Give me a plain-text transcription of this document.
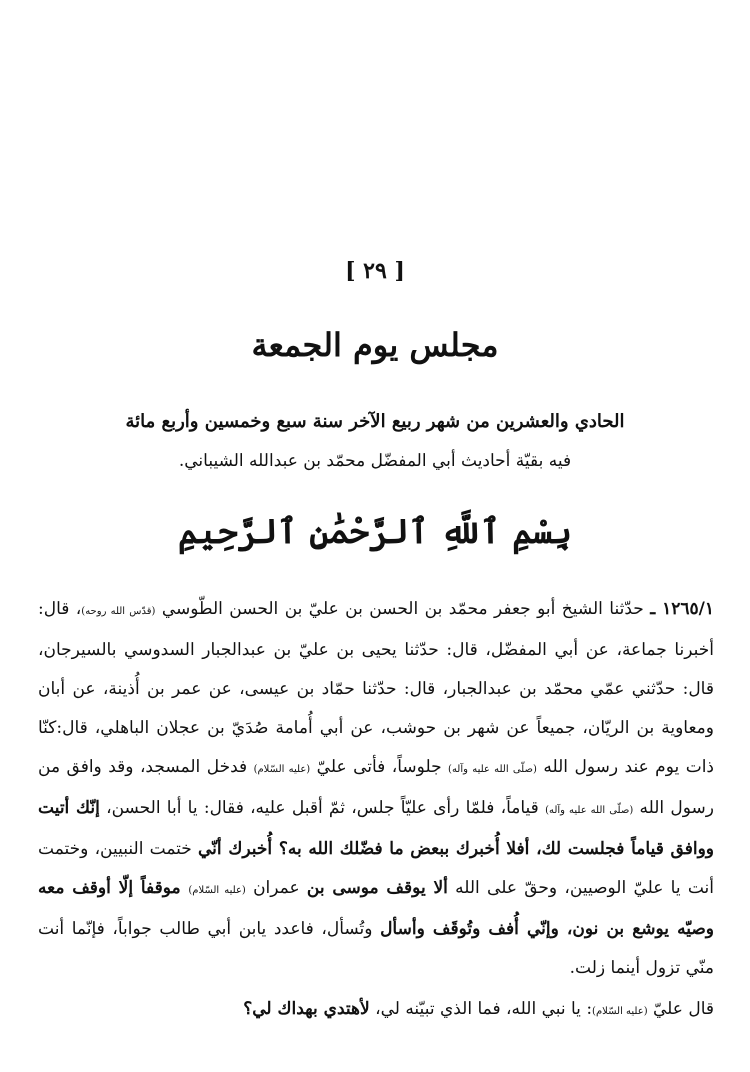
[ ٢٩ ]
مجلس يوم الجمعة
الحادي والعشرين من شهر ربيع الآخر سنة سبع وخمسين وأربع مائة
فيه بقيّة أحاديث أبي المفضّل محمّد بن عبدالله الشيباني.
بِسْمِ ٱللَّهِ ٱلرَّحْمَٰنِ ٱلرَّحِيمِ

١٢٦٥/١ ـ حدّثنا الشيخ أبو جعفر محمّد بن الحسن بن عليّ بن الحسن الطّوسي (قدّس الله روحه)، قال: أخبرنا جماعة، عن أبي المفضّل، قال: حدّثنا يحيى بن عليّ بن عبدالجبار السدوسي بالسيرجان، قال: حدّثني عمّي محمّد بن عبدالجبار، قال: حدّثنا حمّاد بن عيسى، عن عمر بن أُذينة، عن أبان ومعاوية بن الريّان، جميعاً عن شهر بن حوشب، عن أبي أُمامة صُدَيّ بن عجلان الباهلي، قال:كنّا ذات يوم عند رسول الله (صلّى الله عليه وآله) جلوساً، فأتى عليّ (عليه السّلام) فدخل المسجد، وقد وافق من رسول الله (صلّى الله عليه وآله) قياماً، فلمّا رأى عليّاً جلس، ثمّ أقبل عليه، فقال: يا أبا الحسن، إنّك أتيت ووافق قياماً فجلست لك، أفلا أُخبرك ببعض ما فضّلك الله به؟ أُخبرك أنّي ختمت النبيين، وختمت أنت يا عليّ الوصيين، وحقّ على الله ألا يوقف موسى بن عمران (عليه السّلام) موقفاً إلّا أوقف معه وصيّه يوشع بن نون، وإنّي أُفف وتُوقَف وأسأل وتُسأل، فاعدد يابن أبي طالب جواباً، فإنّما أنت منّي تزول أينما زلت.

قال عليّ (عليه السّلام): يا نبي الله، فما الذي تبيّنه لي، لأهتدي بهداك لي؟
